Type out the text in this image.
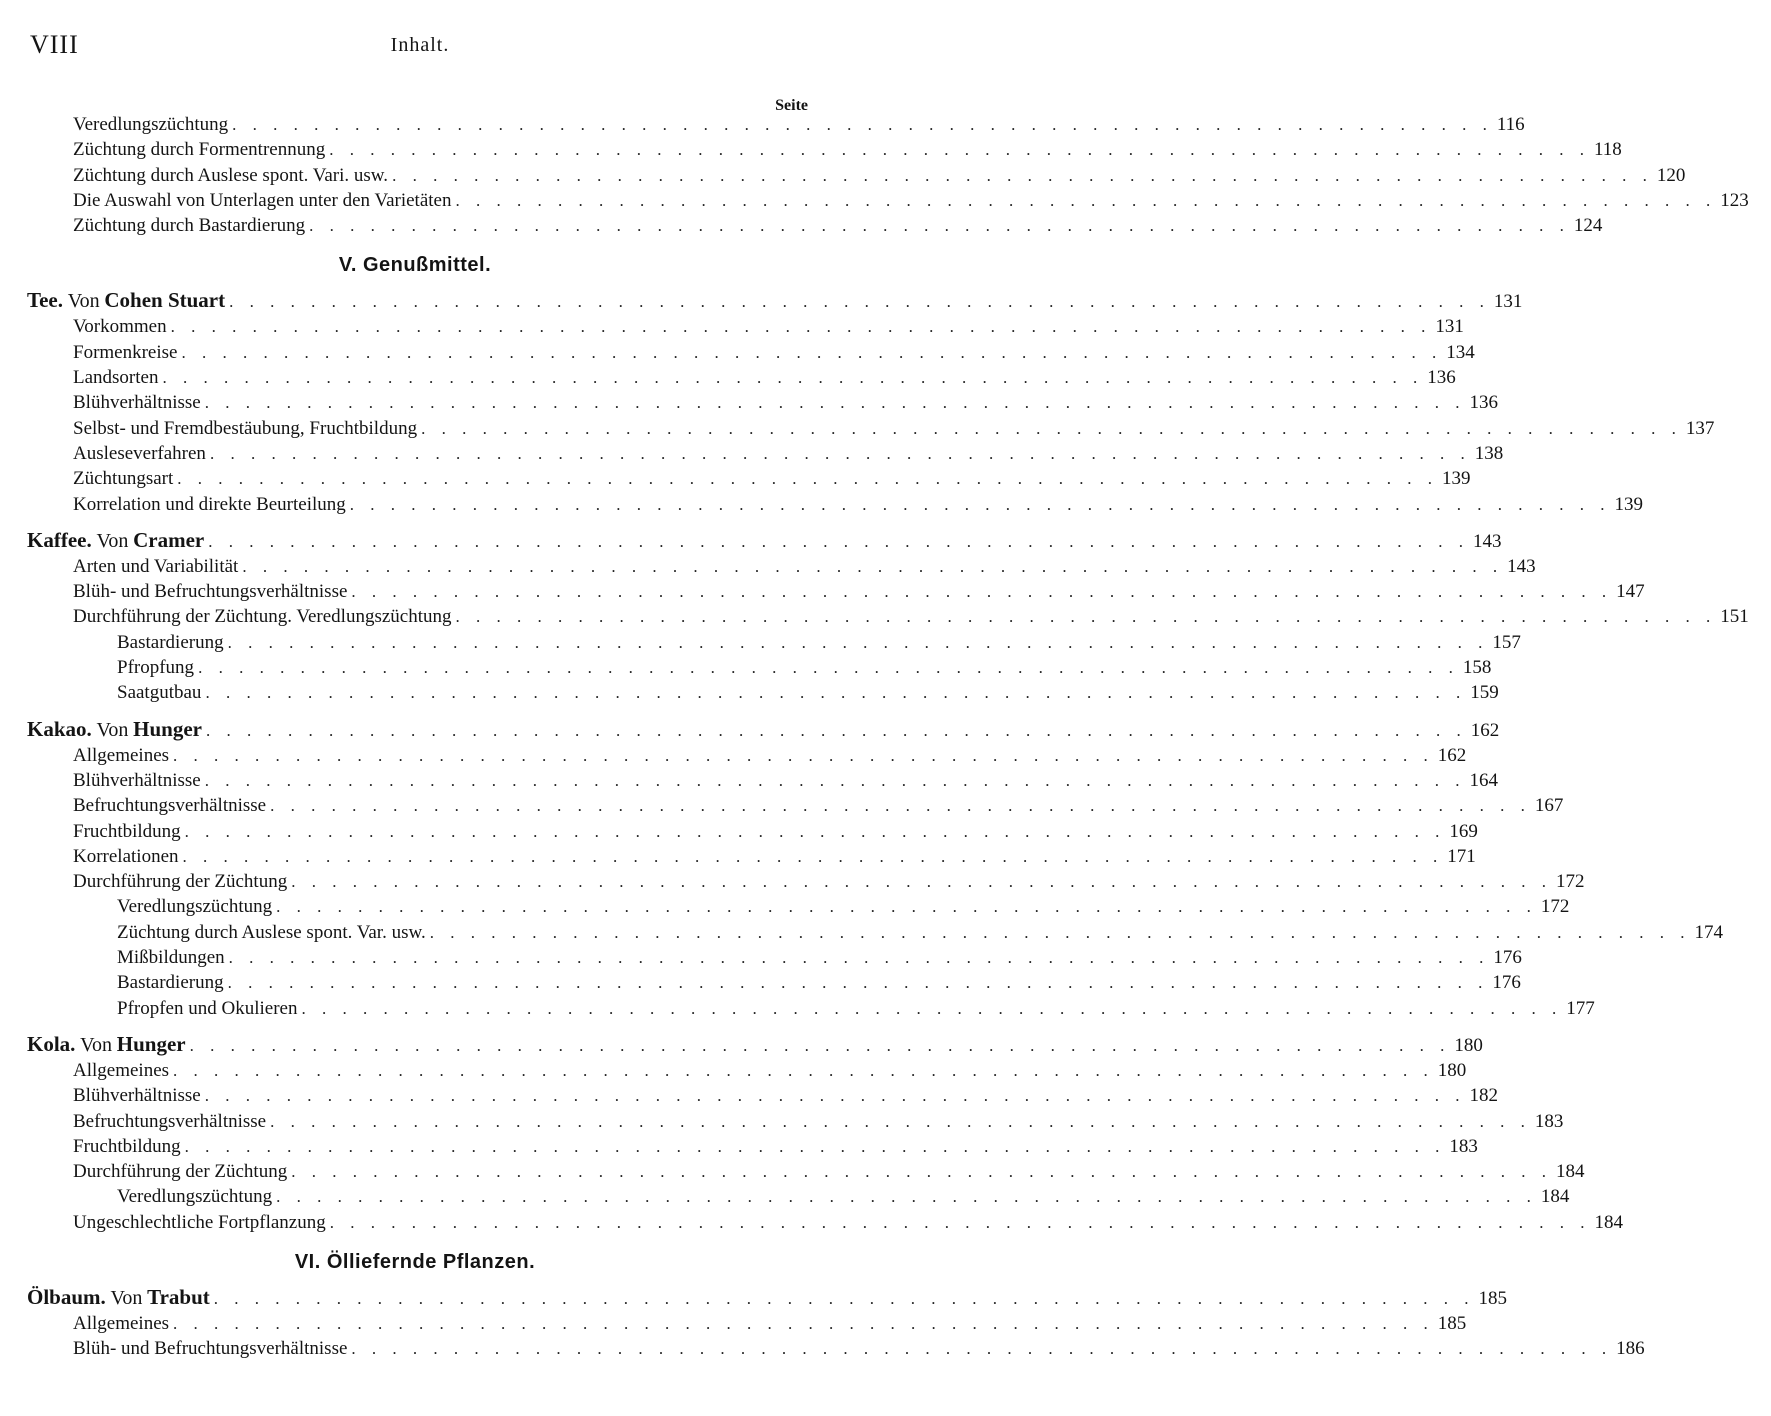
VIII	Inhalt.
Seite
Veredlungszüchtung . . . . . . . . . . . . . . . . . . . . . . . . . . . . . . . . . . . . . . . . . . . . . . . . . . . . . . . . . . . . . . 116
Züchtung durch Formentrennung . . . . . . . . . . . . . . . . . . . . . . . . . . . . . . . . . . . . . . . . . . . . . . . . . . . . . . . . . . . . . . 118
Züchtung durch Auslese spont. Vari. usw. . . . . . . . . . . . . . . . . . . . . . . . . . . . . . . . . . . . . . . . . . . . . . . . . . . . . . . . . . . . . . . 120
Die Auswahl von Unterlagen unter den Varietäten . . . . . . . . . . . . . . . . . . . . . . . . . . . . . . . . . . . . . . . . . . . . . . . . . . . . . . . . . . . . . . 123
Züchtung durch Bastardierung . . . . . . . . . . . . . . . . . . . . . . . . . . . . . . . . . . . . . . . . . . . . . . . . . . . . . . . . . . . . . . 124
V. Genußmittel.
Tee. Von Cohen Stuart . . . . . . . . . . . . . . . . . . . . . . . . . . . . . . . . . . . . . . . . . . . . . . . . . . . . . . . . . . . . . . 131
Vorkommen . . . . . . . . . . . . . . . . . . . . . . . . . . . . . . . . . . . . . . . . . . . . . . . . . . . . . . . . . . . . . . 131
Formenkreise . . . . . . . . . . . . . . . . . . . . . . . . . . . . . . . . . . . . . . . . . . . . . . . . . . . . . . . . . . . . . . 134
Landsorten . . . . . . . . . . . . . . . . . . . . . . . . . . . . . . . . . . . . . . . . . . . . . . . . . . . . . . . . . . . . . . 136
Blühverhältnisse . . . . . . . . . . . . . . . . . . . . . . . . . . . . . . . . . . . . . . . . . . . . . . . . . . . . . . . . . . . . . . 136
Selbst- und Fremdbestäubung, Fruchtbildung . . . . . . . . . . . . . . . . . . . . . . . . . . . . . . . . . . . . . . . . . . . . . . . . . . . . . . . . . . . . . . 137
Ausleseverfahren . . . . . . . . . . . . . . . . . . . . . . . . . . . . . . . . . . . . . . . . . . . . . . . . . . . . . . . . . . . . . . 138
Züchtungsart . . . . . . . . . . . . . . . . . . . . . . . . . . . . . . . . . . . . . . . . . . . . . . . . . . . . . . . . . . . . . . 139
Korrelation und direkte Beurteilung . . . . . . . . . . . . . . . . . . . . . . . . . . . . . . . . . . . . . . . . . . . . . . . . . . . . . . . . . . . . . . 139
Kaffee. Von Cramer . . . . . . . . . . . . . . . . . . . . . . . . . . . . . . . . . . . . . . . . . . . . . . . . . . . . . . . . . . . . . . 143
Arten und Variabilität . . . . . . . . . . . . . . . . . . . . . . . . . . . . . . . . . . . . . . . . . . . . . . . . . . . . . . . . . . . . . . 143
Blüh- und Befruchtungsverhältnisse . . . . . . . . . . . . . . . . . . . . . . . . . . . . . . . . . . . . . . . . . . . . . . . . . . . . . . . . . . . . . . 147
Durchführung der Züchtung. Veredlungszüchtung . . . . . . . . . . . . . . . . . . . . . . . . . . . . . . . . . . . . . . . . . . . . . . . . . . . . . . . . . . . . . . 151
Bastardierung . . . . . . . . . . . . . . . . . . . . . . . . . . . . . . . . . . . . . . . . . . . . . . . . . . . . . . . . . . . . . . 157
Pfropfung . . . . . . . . . . . . . . . . . . . . . . . . . . . . . . . . . . . . . . . . . . . . . . . . . . . . . . . . . . . . . . 158
Saatgutbau . . . . . . . . . . . . . . . . . . . . . . . . . . . . . . . . . . . . . . . . . . . . . . . . . . . . . . . . . . . . . . 159
Kakao. Von Hunger . . . . . . . . . . . . . . . . . . . . . . . . . . . . . . . . . . . . . . . . . . . . . . . . . . . . . . . . . . . . . . 162
Allgemeines . . . . . . . . . . . . . . . . . . . . . . . . . . . . . . . . . . . . . . . . . . . . . . . . . . . . . . . . . . . . . . 162
Blühverhältnisse . . . . . . . . . . . . . . . . . . . . . . . . . . . . . . . . . . . . . . . . . . . . . . . . . . . . . . . . . . . . . . 164
Befruchtungsverhältnisse . . . . . . . . . . . . . . . . . . . . . . . . . . . . . . . . . . . . . . . . . . . . . . . . . . . . . . . . . . . . . . 167
Fruchtbildung . . . . . . . . . . . . . . . . . . . . . . . . . . . . . . . . . . . . . . . . . . . . . . . . . . . . . . . . . . . . . . 169
Korrelationen . . . . . . . . . . . . . . . . . . . . . . . . . . . . . . . . . . . . . . . . . . . . . . . . . . . . . . . . . . . . . . 171
Durchführung der Züchtung . . . . . . . . . . . . . . . . . . . . . . . . . . . . . . . . . . . . . . . . . . . . . . . . . . . . . . . . . . . . . . 172
Veredlungszüchtung . . . . . . . . . . . . . . . . . . . . . . . . . . . . . . . . . . . . . . . . . . . . . . . . . . . . . . . . . . . . . . 172
Züchtung durch Auslese spont. Var. usw. . . . . . . . . . . . . . . . . . . . . . . . . . . . . . . . . . . . . . . . . . . . . . . . . . . . . . . . . . . . . . . 174
Mißbildungen . . . . . . . . . . . . . . . . . . . . . . . . . . . . . . . . . . . . . . . . . . . . . . . . . . . . . . . . . . . . . . 176
Bastardierung . . . . . . . . . . . . . . . . . . . . . . . . . . . . . . . . . . . . . . . . . . . . . . . . . . . . . . . . . . . . . . 176
Pfropfen und Okulieren . . . . . . . . . . . . . . . . . . . . . . . . . . . . . . . . . . . . . . . . . . . . . . . . . . . . . . . . . . . . . . 177
Kola. Von Hunger . . . . . . . . . . . . . . . . . . . . . . . . . . . . . . . . . . . . . . . . . . . . . . . . . . . . . . . . . . . . . . 180
Allgemeines . . . . . . . . . . . . . . . . . . . . . . . . . . . . . . . . . . . . . . . . . . . . . . . . . . . . . . . . . . . . . . 180
Blühverhältnisse . . . . . . . . . . . . . . . . . . . . . . . . . . . . . . . . . . . . . . . . . . . . . . . . . . . . . . . . . . . . . . 182
Befruchtungsverhältnisse . . . . . . . . . . . . . . . . . . . . . . . . . . . . . . . . . . . . . . . . . . . . . . . . . . . . . . . . . . . . . . 183
Fruchtbildung . . . . . . . . . . . . . . . . . . . . . . . . . . . . . . . . . . . . . . . . . . . . . . . . . . . . . . . . . . . . . . 183
Durchführung der Züchtung . . . . . . . . . . . . . . . . . . . . . . . . . . . . . . . . . . . . . . . . . . . . . . . . . . . . . . . . . . . . . . 184
Veredlungszüchtung . . . . . . . . . . . . . . . . . . . . . . . . . . . . . . . . . . . . . . . . . . . . . . . . . . . . . . . . . . . . . . 184
Ungeschlechtliche Fortpflanzung . . . . . . . . . . . . . . . . . . . . . . . . . . . . . . . . . . . . . . . . . . . . . . . . . . . . . . . . . . . . . . 184
VI. Ölliefernde Pflanzen.
Ölbaum. Von Trabut . . . . . . . . . . . . . . . . . . . . . . . . . . . . . . . . . . . . . . . . . . . . . . . . . . . . . . . . . . . . . . 185
Allgemeines . . . . . . . . . . . . . . . . . . . . . . . . . . . . . . . . . . . . . . . . . . . . . . . . . . . . . . . . . . . . . . 185
Blüh- und Befruchtungsverhältnisse . . . . . . . . . . . . . . . . . . . . . . . . . . . . . . . . . . . . . . . . . . . . . . . . . . . . . . . . . . . . . . 186
